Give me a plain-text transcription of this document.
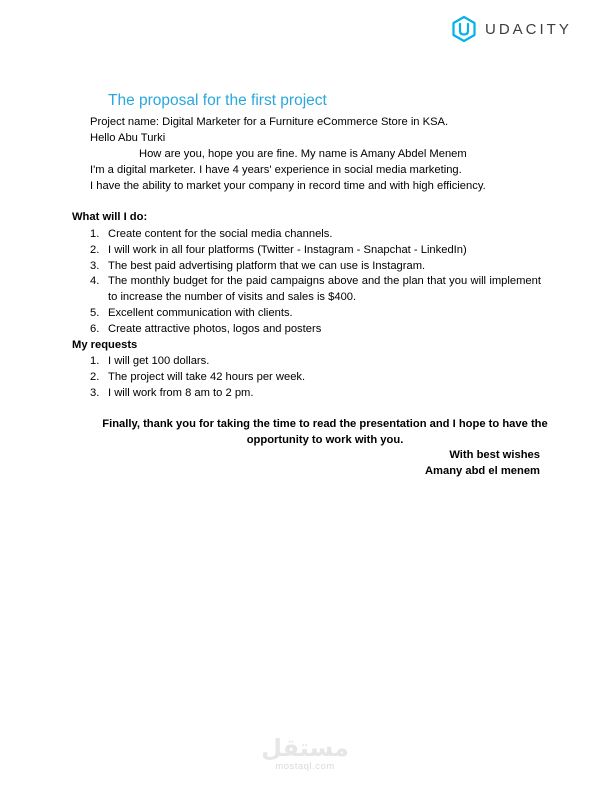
UDACITY
The proposal for the first project
Project name: Digital Marketer for a Furniture eCommerce Store in KSA.
Hello Abu Turki
How are you, hope you are fine. My name is Amany Abdel Menem
I'm a digital marketer. I have 4 years' experience in social media marketing.
I have the ability to market your company in record time and with high efficiency.
What will I do:
1. Create content for the social media channels.
2. I will work in all four platforms (Twitter - Instagram - Snapchat - LinkedIn)
3. The best paid advertising platform that we can use is Instagram.
4. The monthly budget for the paid campaigns above and the plan that you will implement to increase the number of visits and sales is $400.
5. Excellent communication with clients.
6. Create attractive photos, logos and posters
My requests
1. I will get 100 dollars.
2. The project will take 42 hours per week.
3. I will work from 8 am to 2 pm.
Finally, thank you for taking the time to read the presentation and I hope to have the opportunity to work with you.
With best wishes
Amany abd el menem
مستقل
mostaql.com
